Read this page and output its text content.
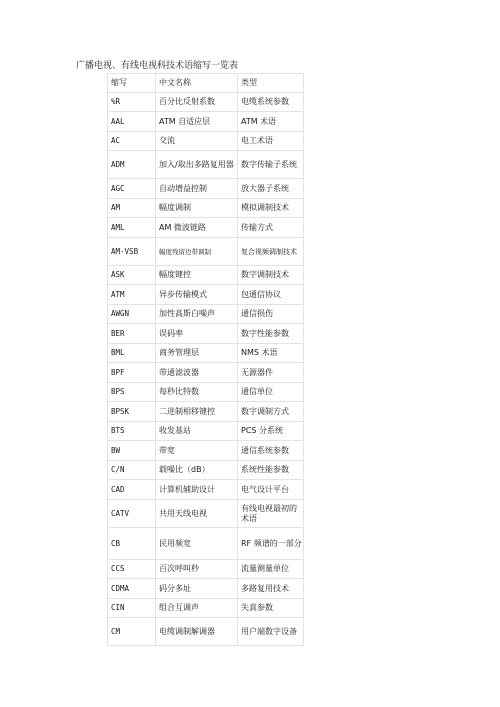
广播电视、有线电视科技术语缩写一览表
缩写	中文名称	类型
%R	百分比反射系数	电缆系统参数
AAL	ATM 自适应层	ATM 术语
AC	交流	电工术语
ADM	加入/取出多路复用器	数字传输子系统
AGC	自动增益控制	放大器子系统
AM	幅度调制	模拟调制技术
AML	AM 微波链路	传输方式
AM-VSB	幅度残留边带调制	复合视频调制技术
ASK	幅度键控	数字调制技术
ATM	异步传输模式	包通信协议
AWGN	加性高斯白噪声	通信损伤
BER	误码率	数字性能参数
BML	商务管理层	NMS 术语
BPF	带通滤波器	无源器件
BPS	每秒比特数	通信单位
BPSK	二进制相移键控	数字调制方式
BTS	收发基站	PCS 分系统
BW	带宽	通信系统参数
C/N	载噪比（dB）	系统性能参数
CAD	计算机辅助设计	电气设计平台
CATV	共用天线电视	有线电视最初的术语
CB	民用频宽	RF 频谱的一部分
CCS	百次呼叫秒	流量测量单位
CDMA	码分多址	多路复用技术
CIN	组合互调声	失真参数
CM	电缆调制解调器	用户端数字设备
